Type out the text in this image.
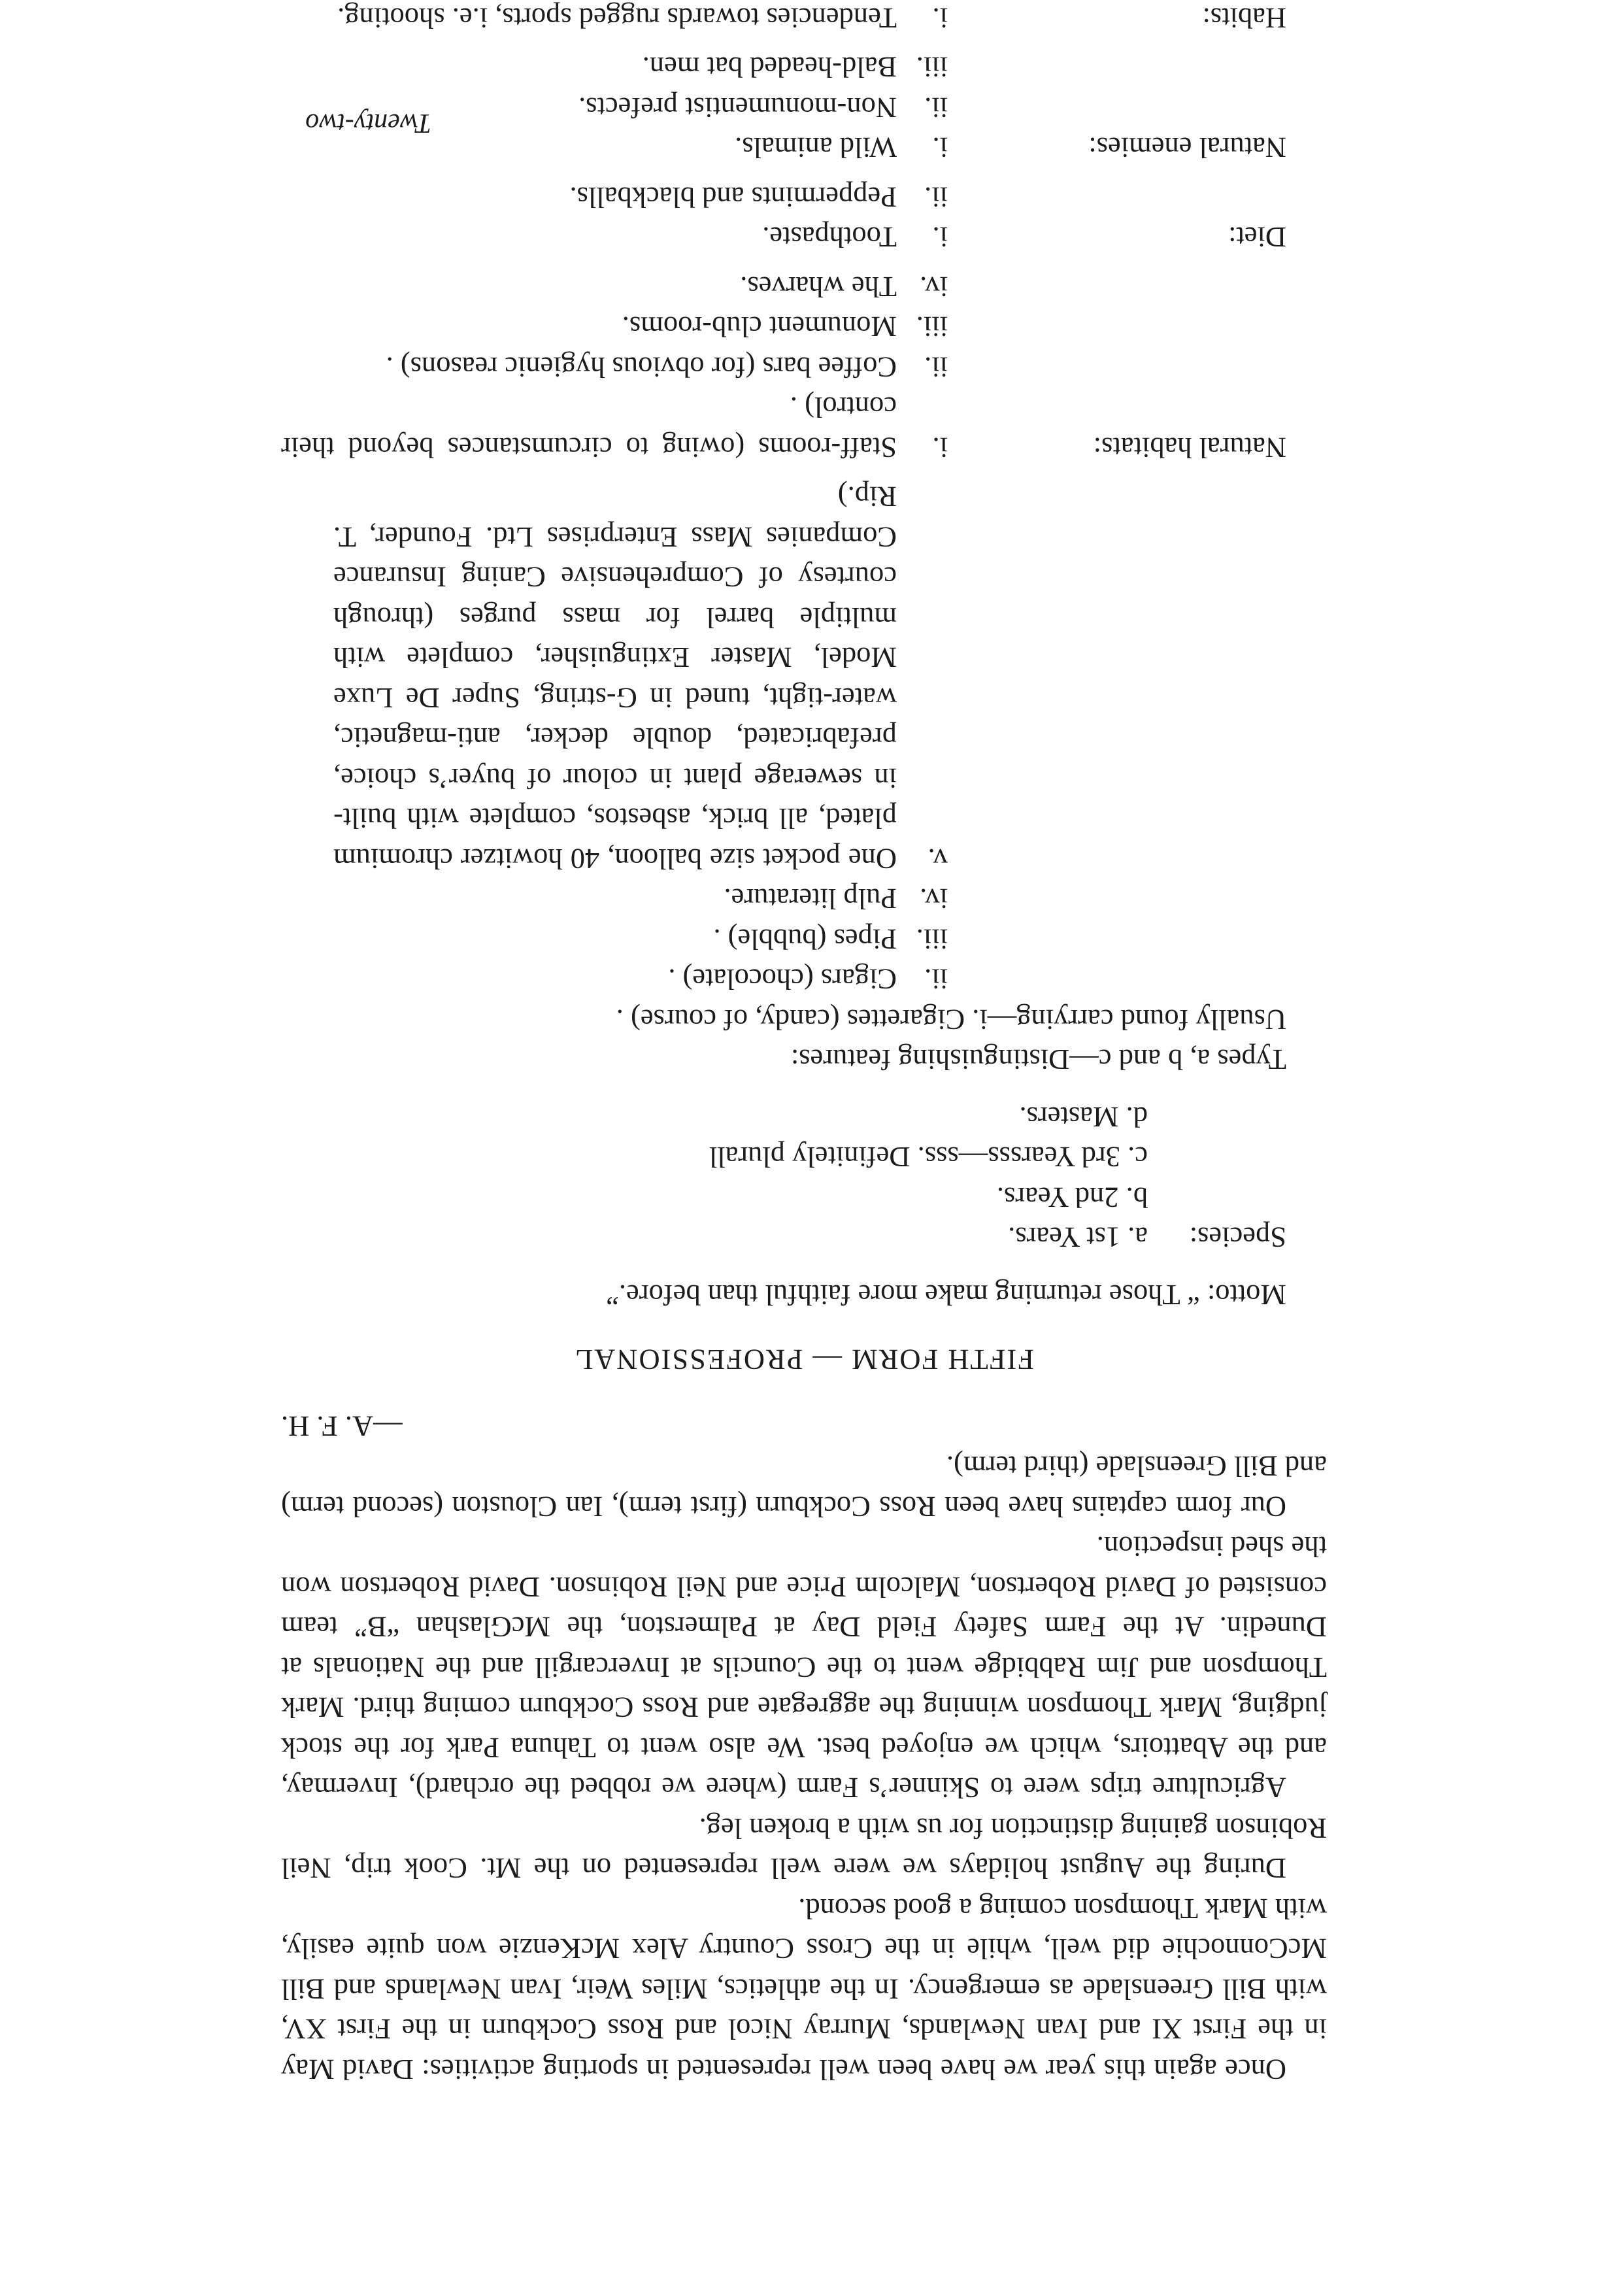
Once again this year we have been well represented in sporting activities: David May in the First XI and Ivan Newlands, Murray Nicol and Ross Cockburn in the First XV, with Bill Greenslade as emergency. In the athletics, Miles Weir, Ivan Newlands and Bill McConnochie did well, while in the Cross Country Alex McKenzie won quite easily, with Mark Thompson coming a good second.

During the August holidays we were well represented on the Mt. Cook trip, Neil Robinson gaining distinction for us with a broken leg.

Agriculture trips were to Skinner’s Farm (where we robbed the orchard), Invermay, and the Abattoirs, which we enjoyed best. We also went to Tahuna Park for the stock judging, Mark Thompson winning the aggregate and Ross Cockburn coming third. Mark Thompson and Jim Rabbidge went to the Councils at Invercargill and the Nationals at Dunedin. At the Farm Safety Field Day at Palmerston, the McGlashan “B” team consisted of David Robertson, Malcolm Price and Neil Robinson. David Robertson won the shed inspection.

Our form captains have been Ross Cockburn (first term), Ian Clouston (second term) and Bill Greenslade (third term).

—A. F. H.
FIFTH FORM — PROFESSIONAL
Motto: “ Those returning make more faithful than before.”
Species:
a. 1st Years.
b. 2nd Years.
c. 3rd Yearsss—sss. Definitely plurall
d. Masters.
Types a, b and c—Distinguishing features:
Usually found carrying—i. Cigarettes (candy, of course) .
ii.
Cigars (chocolate) .
iii.
Pipes (bubble) .
iv.
Pulp literature.
v.
One pocket size balloon, 40 howitzer chromium plated, all brick, asbestos, complete with built-in sewerage plant in colour of buyer’s choice, prefabricated, double decker, anti-magnetic, water-tight, tuned in G-string, Super De Luxe Model, Master Extinguisher, complete with multiple barrel for mass purges (through courtesy of Comprehensive Caning Insurance Companies Mass Enterprises Ltd. Founder, T. Rip.)
Natural habitats:
i.
Staff-rooms (owing to circumstances beyond their control) .
ii.
Coffee bars (for obvious hygienic reasons) .
iii.
Monument club-rooms.
iv.
The wharves.
Diet:
i.
Toothpaste.
ii.
Peppermints and blackballs.
Natural enemies:
i.
Wild animals.
ii.
Non-monumentist prefects.
iii.
Bald-headed bat men.
Habits:
i.
Tendencies towards rugged sports, i.e. shooting.
Twenty-two
